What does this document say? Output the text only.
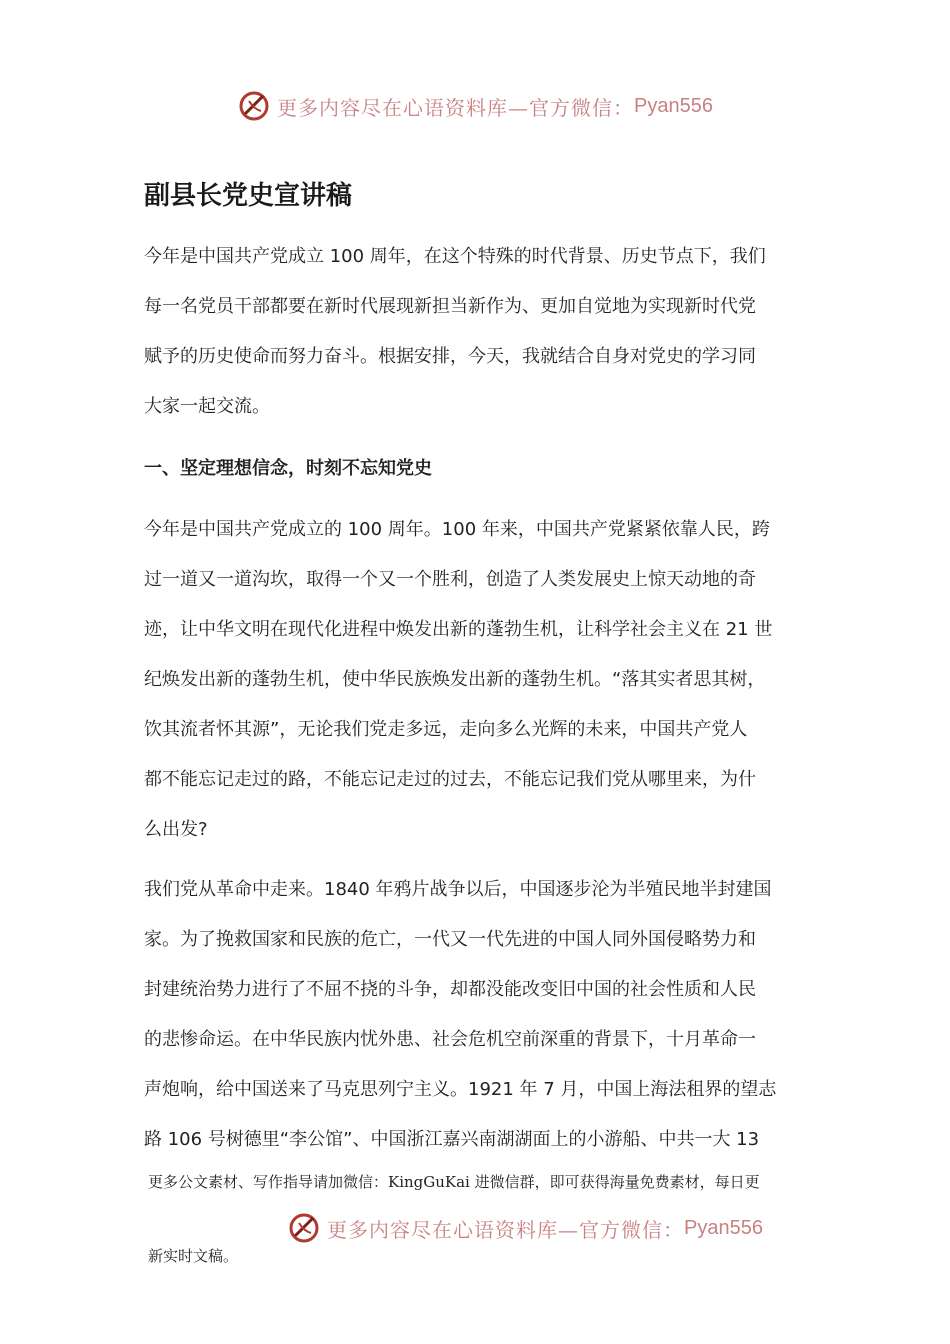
更多内容尽在心语资料库—官方微信： Pyan556
副县长党史宣讲稿
今年是中国共产党成立 100 周年，在这个特殊的时代背景、历史节点下，我们
每一名党员干部都要在新时代展现新担当新作为、更加自觉地为实现新时代党
赋予的历史使命而努力奋斗。根据安排，今天，我就结合自身对党史的学习同
大家一起交流。
一、坚定理想信念，时刻不忘知党史
今年是中国共产党成立的 100 周年。100 年来，中国共产党紧紧依靠人民，跨
过一道又一道沟坎，取得一个又一个胜利，创造了人类发展史上惊天动地的奇
迹，让中华文明在现代化进程中焕发出新的蓬勃生机，让科学社会主义在 21 世
纪焕发出新的蓬勃生机，使中华民族焕发出新的蓬勃生机。“落其实者思其树，
饮其流者怀其源”，无论我们党走多远，走向多么光辉的未来，中国共产党人
都不能忘记走过的路，不能忘记走过的过去，不能忘记我们党从哪里来，为什
么出发?
我们党从革命中走来。1840 年鸦片战争以后，中国逐步沦为半殖民地半封建国
家。为了挽救国家和民族的危亡，一代又一代先进的中国人同外国侵略势力和
封建统治势力进行了不屈不挠的斗争，却都没能改变旧中国的社会性质和人民
的悲惨命运。在中华民族内忧外患、社会危机空前深重的背景下，十月革命一
声炮响，给中国送来了马克思列宁主义。1921 年 7 月，中国上海法租界的望志
路 106 号树德里“李公馆”、中国浙江嘉兴南湖湖面上的小游船、中共一大 13
更多公文素材、写作指导请加微信：KingGuKai 进微信群，即可获得海量免费素材，每日更
更多内容尽在心语资料库—官方微信： Pyan556
新实时文稿。
